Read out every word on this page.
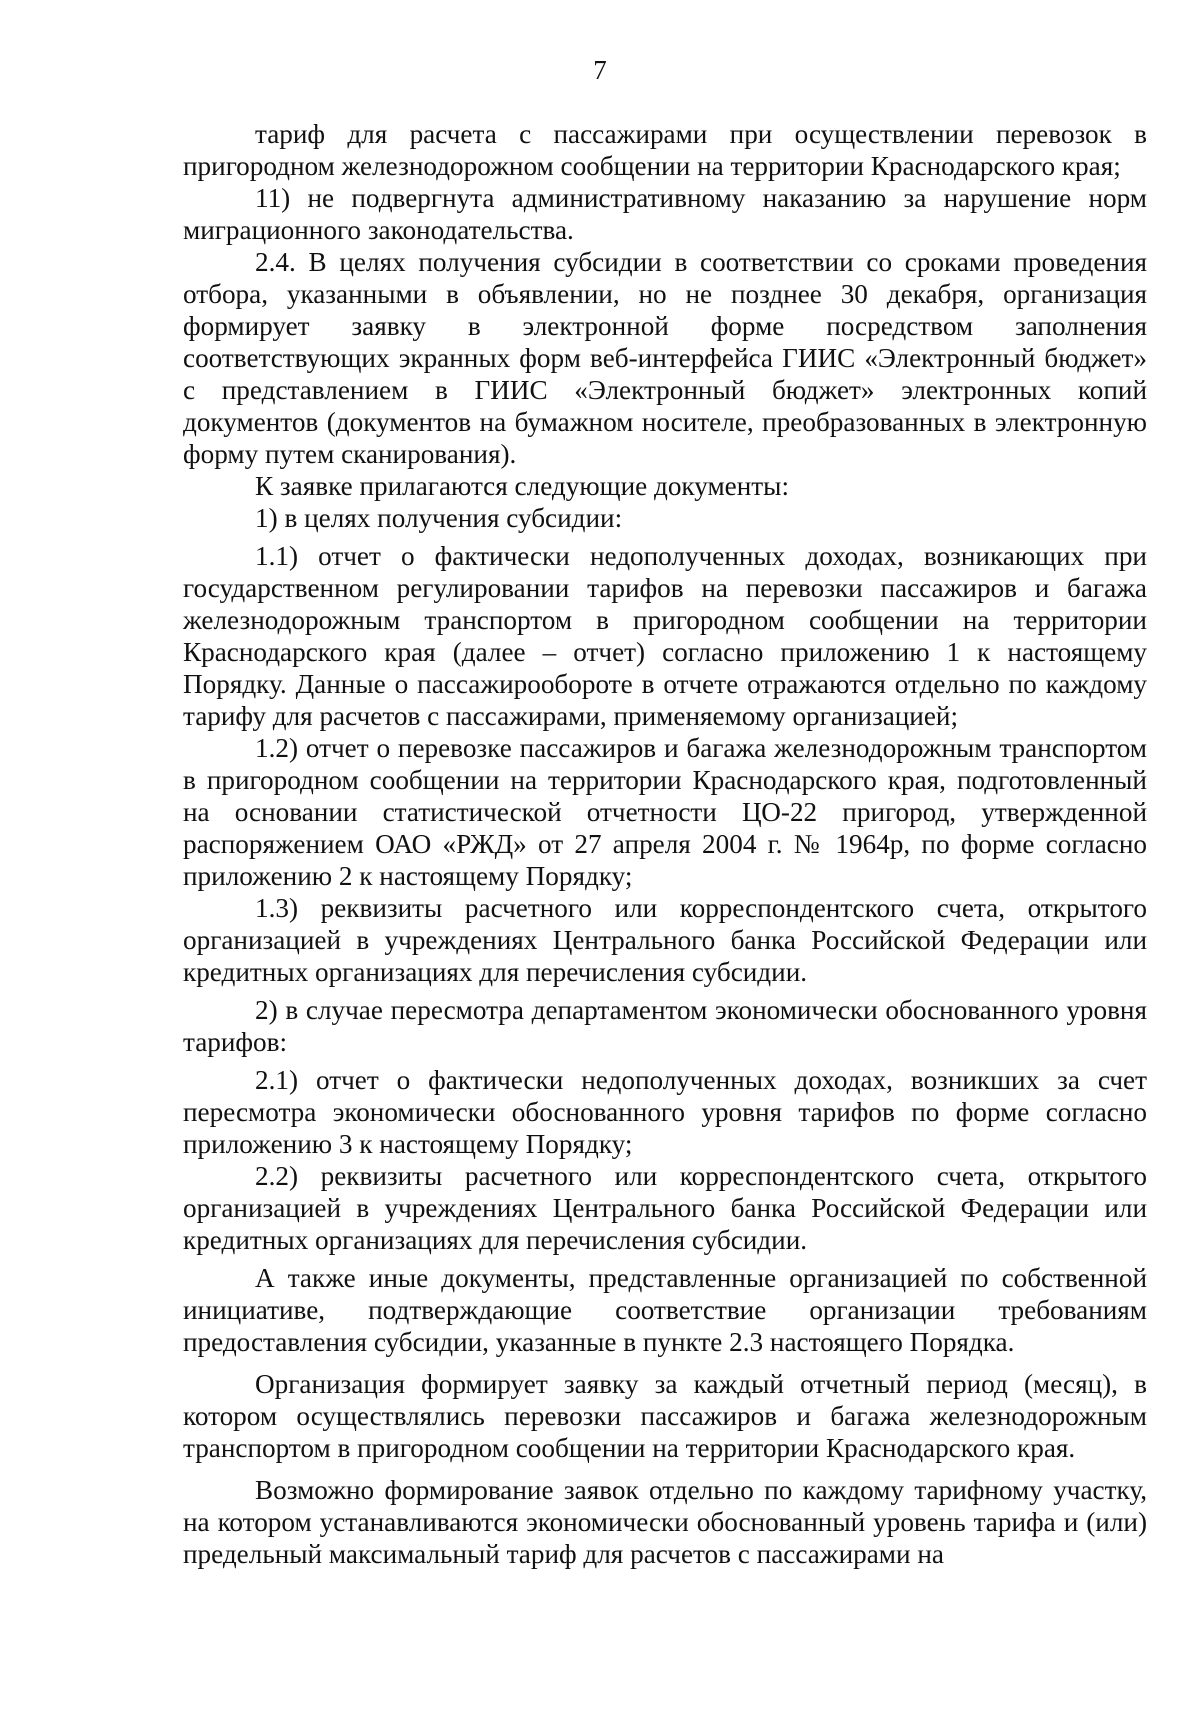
7

тариф для расчета с пассажирами при осуществлении перевозок в пригородном железнодорожном сообщении на территории Краснодарского края;

11) не подвергнута административному наказанию за нарушение норм миграционного законодательства.

2.4. В целях получения субсидии в соответствии со сроками проведения отбора, указанными в объявлении, но не позднее 30 декабря, организация формирует заявку в электронной форме посредством заполнения соответствующих экранных форм веб-интерфейса ГИИС «Электронный бюджет» с представлением в ГИИС «Электронный бюджет» электронных копий документов (документов на бумажном носителе, преобразованных в электронную форму путем сканирования).

К заявке прилагаются следующие документы:

1) в целях получения субсидии:

1.1) отчет о фактически недополученных доходах, возникающих при государственном регулировании тарифов на перевозки пассажиров и багажа железнодорожным транспортом в пригородном сообщении на территории Краснодарского края (далее – отчет) согласно приложению 1 к настоящему Порядку. Данные о пассажирообороте в отчете отражаются отдельно по каждому тарифу для расчетов с пассажирами, применяемому организацией;

1.2) отчет о перевозке пассажиров и багажа железнодорожным транспортом в пригородном сообщении на территории Краснодарского края, подготовленный на основании статистической отчетности ЦО-22 пригород, утвержденной распоряжением ОАО «РЖД» от 27 апреля 2004 г. № 1964р, по форме согласно приложению 2 к настоящему Порядку;

1.3) реквизиты расчетного или корреспондентского счета, открытого организацией в учреждениях Центрального банка Российской Федерации или кредитных организациях для перечисления субсидии.

2) в случае пересмотра департаментом экономически обоснованного уровня тарифов:

2.1) отчет о фактически недополученных доходах, возникших за счет пересмотра экономически обоснованного уровня тарифов по форме согласно приложению 3 к настоящему Порядку;

2.2) реквизиты расчетного или корреспондентского счета, открытого организацией в учреждениях Центрального банка Российской Федерации или кредитных организациях для перечисления субсидии.

А также иные документы, представленные организацией по собственной инициативе, подтверждающие соответствие организации требованиям предоставления субсидии, указанные в пункте 2.3 настоящего Порядка.

Организация формирует заявку за каждый отчетный период (месяц), в котором осуществлялись перевозки пассажиров и багажа железнодорожным транспортом в пригородном сообщении на территории Краснодарского края.

Возможно формирование заявок отдельно по каждому тарифному участку, на котором устанавливаются экономически обоснованный уровень тарифа и (или) предельный максимальный тариф для расчетов с пассажирами на
